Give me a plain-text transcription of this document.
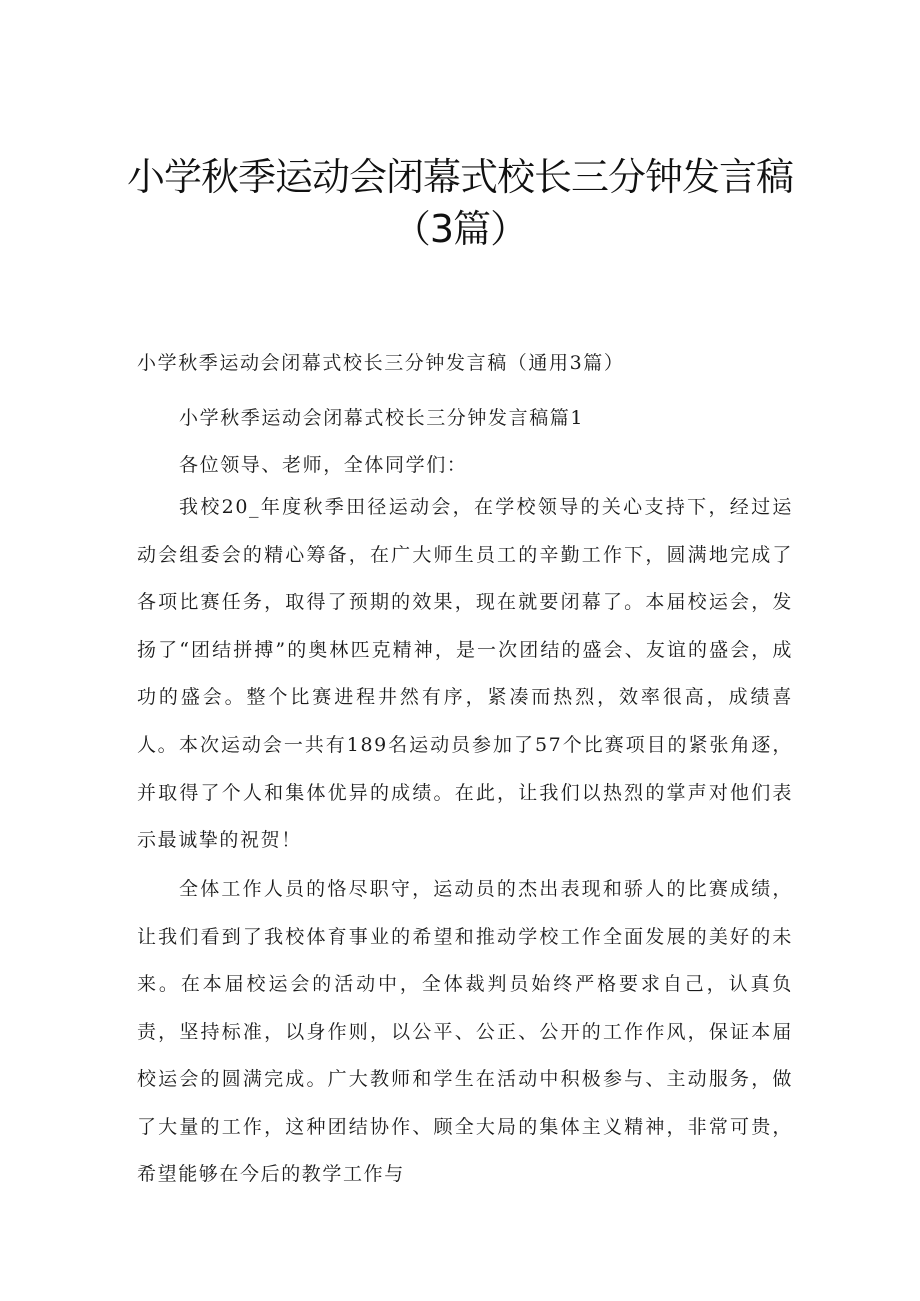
小学秋季运动会闭幕式校长三分钟发言稿
（3篇）

小学秋季运动会闭幕式校长三分钟发言稿（通用3篇）

小学秋季运动会闭幕式校长三分钟发言稿篇1

各位领导、老师，全体同学们：

我校20_年度秋季田径运动会，在学校领导的关心支持下，经过运动会组委会的精心筹备，在广大师生员工的辛勤工作下，圆满地完成了各项比赛任务，取得了预期的效果，现在就要闭幕了。本届校运会，发扬了“团结拼搏”的奥林匹克精神，是一次团结的盛会、友谊的盛会，成功的盛会。整个比赛进程井然有序，紧凑而热烈，效率很高，成绩喜人。 本次运动会一共有189名运动员参加了57个比赛项目的紧张角逐，并取得了个人和集体优异的成绩。在此，让我们以热烈的掌声对他们表示最诚挚的祝贺！

全体工作人员的恪尽职守，运动员的杰出表现和骄人的比赛成绩，让我们看到了我校体育事业的希望和推动学校工作全面发展的美好的未来。在本届校运会的活动中，全体裁判员始终严格要求自己，认真负责，坚持标准，以身作则，以公平、公正、公开的工作作风，保证本届校运会的圆满完成。广大教师和学生在活动中积极参与、主动服务，做了大量的工作，这种团结协作、顾全大局的集体主义精神，非常可贵，希望能够在今后的教学工作与
